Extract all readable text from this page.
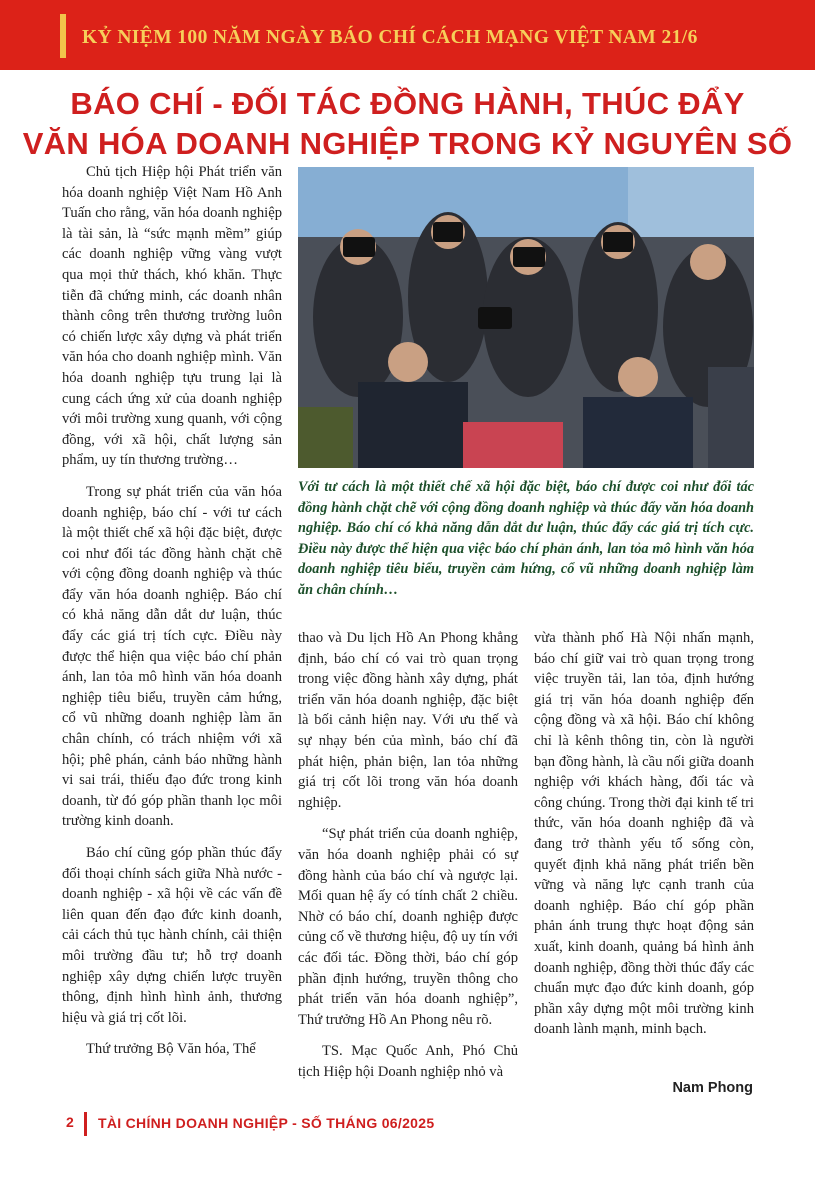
KỶ NIỆM 100 NĂM NGÀY BÁO CHÍ CÁCH MẠNG VIỆT NAM 21/6
BÁO CHÍ - ĐỐI TÁC ĐỒNG HÀNH, THÚC ĐẨY
VĂN HÓA DOANH NGHIỆP TRONG KỶ NGUYÊN SỐ

Chủ tịch Hiệp hội Phát triển văn hóa doanh nghiệp Việt Nam Hồ Anh Tuấn cho rằng, văn hóa doanh nghiệp là tài sản, là “sức mạnh mềm” giúp các doanh nghiệp vững vàng vượt qua mọi thử thách, khó khăn. Thực tiễn đã chứng minh, các doanh nhân thành công trên thương trường luôn có chiến lược xây dựng và phát triển văn hóa cho doanh nghiệp mình. Văn hóa doanh nghiệp tựu trung lại là cung cách ứng xử của doanh nghiệp với môi trường xung quanh, với cộng đồng, với xã hội, chất lượng sản phẩm, uy tín thương trường…

Trong sự phát triển của văn hóa doanh nghiệp, báo chí - với tư cách là một thiết chế xã hội đặc biệt, được coi như đối tác đồng hành chặt chẽ với cộng đồng doanh nghiệp và thúc đẩy văn hóa doanh nghiệp. Báo chí có khả năng dẫn dắt dư luận, thúc đẩy các giá trị tích cực. Điều này được thể hiện qua việc báo chí phản ánh, lan tỏa mô hình văn hóa doanh nghiệp tiêu biểu, truyền cảm hứng, cổ vũ những doanh nghiệp làm ăn chân chính, có trách nhiệm với xã hội; phê phán, cảnh báo những hành vi sai trái, thiếu đạo đức trong kinh doanh, từ đó góp phần thanh lọc môi trường kinh doanh.

Báo chí cũng góp phần thúc đẩy đối thoại chính sách giữa Nhà nước - doanh nghiệp - xã hội về các vấn đề liên quan đến đạo đức kinh doanh, cải cách thủ tục hành chính, cải thiện môi trường đầu tư; hỗ trợ doanh nghiệp xây dựng chiến lược truyền thông, định hình hình ảnh, thương hiệu và giá trị cốt lõi.

Thứ trưởng Bộ Văn hóa, Thể

Với tư cách là một thiết chế xã hội đặc biệt, báo chí được coi như đối tác đồng hành chặt chẽ với cộng đồng doanh nghiệp và thúc đẩy văn hóa doanh nghiệp. Báo chí có khả năng dẫn dắt dư luận, thúc đẩy các giá trị tích cực. Điều này được thể hiện qua việc báo chí phản ánh, lan tỏa mô hình văn hóa doanh nghiệp tiêu biểu, truyền cảm hứng, cổ vũ những doanh nghiệp làm ăn chân chính…

thao và Du lịch Hồ An Phong khẳng định, báo chí có vai trò quan trọng trong việc đồng hành xây dựng, phát triển văn hóa doanh nghiệp, đặc biệt là bối cảnh hiện nay. Với ưu thế và sự nhạy bén của mình, báo chí đã phát hiện, phản biện, lan tỏa những giá trị cốt lõi trong văn hóa doanh nghiệp.

“Sự phát triển của doanh nghiệp, văn hóa doanh nghiệp phải có sự đồng hành của báo chí và ngược lại. Mối quan hệ ấy có tính chất 2 chiều. Nhờ có báo chí, doanh nghiệp được củng cố về thương hiệu, độ uy tín với các đối tác. Đồng thời, báo chí góp phần định hướng, truyền thông cho phát triển văn hóa doanh nghiệp”, Thứ trưởng Hồ An Phong nêu rõ.

TS. Mạc Quốc Anh, Phó Chủ tịch Hiệp hội Doanh nghiệp nhỏ và

vừa thành phố Hà Nội nhấn mạnh, báo chí giữ vai trò quan trọng trong việc truyền tải, lan tỏa, định hướng giá trị văn hóa doanh nghiệp đến cộng đồng và xã hội. Báo chí không chỉ là kênh thông tin, còn là người bạn đồng hành, là cầu nối giữa doanh nghiệp với khách hàng, đối tác và công chúng. Trong thời đại kinh tế tri thức, văn hóa doanh nghiệp đã và đang trở thành yếu tố sống còn, quyết định khả năng phát triển bền vững và năng lực cạnh tranh của doanh nghiệp. Báo chí góp phần phản ánh trung thực hoạt động sản xuất, kinh doanh, quảng bá hình ảnh doanh nghiệp, đồng thời thúc đẩy các chuẩn mực đạo đức kinh doanh, góp phần xây dựng một môi trường kinh doanh lành mạnh, minh bạch.

Nam Phong
2 TÀI CHÍNH DOANH NGHIỆP - SỐ THÁNG 06/2025
